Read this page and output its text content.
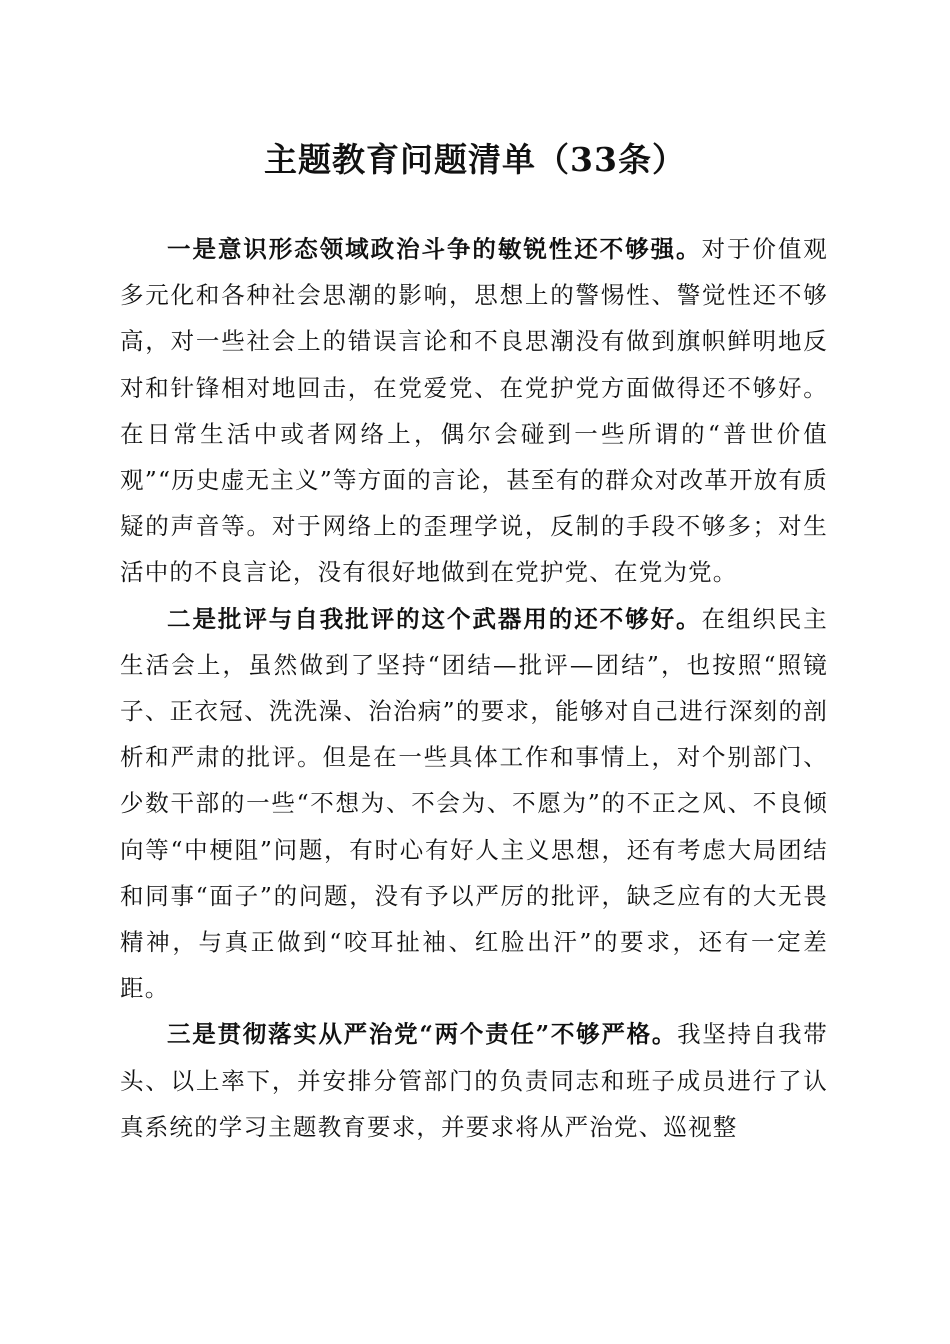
主题教育问题清单（33条）

一是意识形态领域政治斗争的敏锐性还不够强。对于价值观多元化和各种社会思潮的影响，思想上的警惕性、警觉性还不够高，对一些社会上的错误言论和不良思潮没有做到旗帜鲜明地反对和针锋相对地回击，在党爱党、在党护党方面做得还不够好。在日常生活中或者网络上，偶尔会碰到一些所谓的“普世价值观”“历史虚无主义”等方面的言论，甚至有的群众对改革开放有质疑的声音等。对于网络上的歪理学说，反制的手段不够多；对生活中的不良言论，没有很好地做到在党护党、在党为党。

二是批评与自我批评的这个武器用的还不够好。在组织民主生活会上，虽然做到了坚持“团结—批评—团结”，也按照“照镜子、正衣冠、洗洗澡、治治病”的要求，能够对自己进行深刻的剖析和严肃的批评。但是在一些具体工作和事情上，对个别部门、少数干部的一些“不想为、不会为、不愿为”的不正之风、不良倾向等“中梗阻”问题，有时心有好人主义思想，还有考虑大局团结和同事“面子”的问题，没有予以严厉的批评，缺乏应有的大无畏精神，与真正做到“咬耳扯袖、红脸出汗”的要求，还有一定差距。

三是贯彻落实从严治党“两个责任”不够严格。我坚持自我带头、以上率下，并安排分管部门的负责同志和班子成员进行了认真系统的学习主题教育要求，并要求将从严治党、巡视整
